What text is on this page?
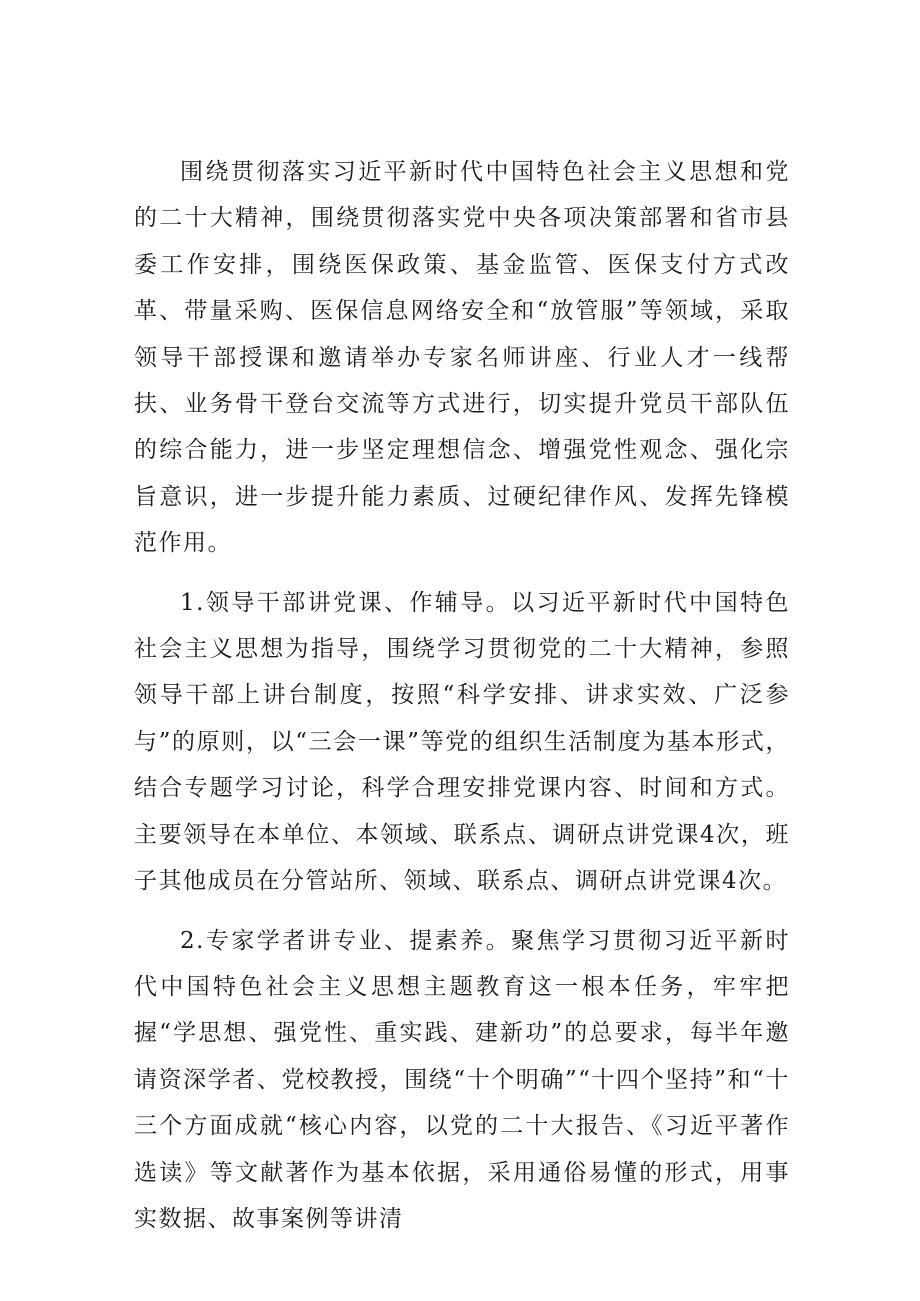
围绕贯彻落实习近平新时代中国特色社会主义思想和党的二十大精神，围绕贯彻落实党中央各项决策部署和省市县委工作安排，围绕医保政策、基金监管、医保支付方式改革、带量采购、医保信息网络安全和“放管服”等领域，采取领导干部授课和邀请举办专家名师讲座、行业人才一线帮扶、业务骨干登台交流等方式进行，切实提升党员干部队伍的综合能力，进一步坚定理想信念、增强党性观念、强化宗旨意识，进一步提升能力素质、过硬纪律作风、发挥先锋模范作用。

1.领导干部讲党课、作辅导。以习近平新时代中国特色社会主义思想为指导，围绕学习贯彻党的二十大精神，参照领导干部上讲台制度，按照“科学安排、讲求实效、广泛参与”的原则，以“三会一课”等党的组织生活制度为基本形式，结合专题学习讨论，科学合理安排党课内容、时间和方式。主要领导在本单位、本领域、联系点、调研点讲党课4次，班子其他成员在分管站所、领域、联系点、调研点讲党课4次。

2.专家学者讲专业、提素养。聚焦学习贯彻习近平新时代中国特色社会主义思想主题教育这一根本任务，牢牢把握“学思想、强党性、重实践、建新功”的总要求，每半年邀请资深学者、党校教授，围绕“十个明确”“十四个坚持”和“十三个方面成就“核心内容，以党的二十大报告、《习近平著作选读》等文献著作为基本依据，采用通俗易懂的形式，用事实数据、故事案例等讲清
